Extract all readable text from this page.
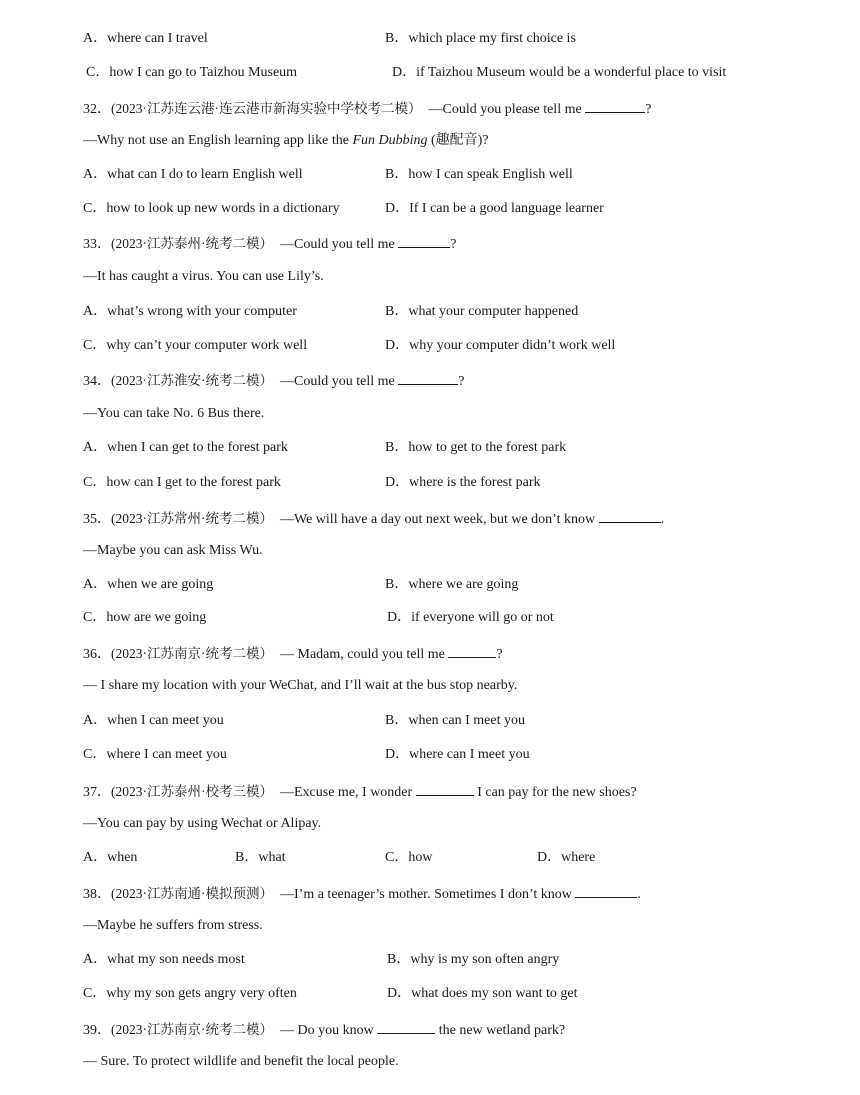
A．where can I travel	B．which place my first choice is
C．how I can go to Taizhou Museum	D．if Taizhou Museum would be a wonderful place to visit
32．(2023·江苏连云港·连云港市新海实验中学校考二模） —Could you please tell me	?
—Why not use an English learning app like the Fun Dubbing (趣配音)?
A．what can I do to learn English well	B．how I can speak English well
C．how to look up new words in a dictionary	D．If I can be a good language learner
33．(2023·江苏泰州·统考二模） —Could you tell me	?
—It has caught a virus. You can use Lily’s.
A．what’s wrong with your computer	B．what your computer happened
C．why can’t your computer work well	D．why your computer didn’t work well
34．(2023·江苏淮安·统考二模） —Could you tell me	?
—You can take No. 6 Bus there.
A．when I can get to the forest park	B．how to get to the forest park
C．how can I get to the forest park	D．where is the forest park
35．(2023·江苏常州·统考二模） —We will have a day out next week, but we don’t know	.
—Maybe you can ask Miss Wu.
A．when we are going	B．where we are going
C．how are we going	D．if everyone will go or not
36．(2023·江苏南京·统考二模） — Madam, could you tell me	?
— I share my location with your WeChat, and I’ll wait at the bus stop nearby.
A．when I can meet you	B．when can I meet you
C．where I can meet you	D．where can I meet you
37．(2023·江苏泰州·校考三模） —Excuse me, I wonder	I can pay for the new shoes?
—You can pay by using Wechat or Alipay.
A．when	B．what	C．how	D．where
38．(2023·江苏南通·模拟预测） —I’m a teenager’s mother. Sometimes I don’t know	.
—Maybe he suffers from stress.
A．what my son needs most	B．why is my son often angry
C．why my son gets angry very often	D．what does my son want to get
39．(2023·江苏南京·统考二模） — Do you know	the new wetland park?
— Sure. To protect wildlife and benefit the local people.
